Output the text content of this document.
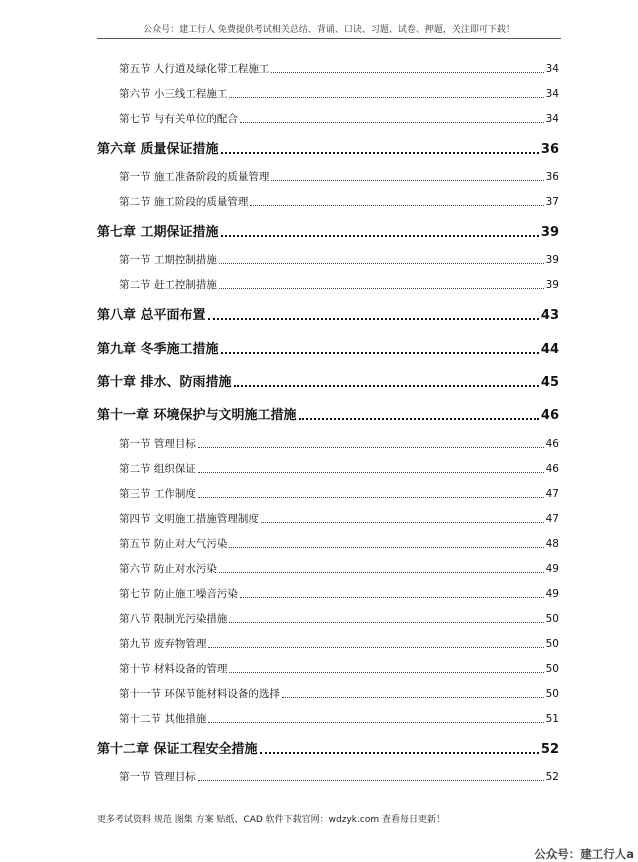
公众号：建工行人 免费提供考试相关总结、背诵、口诀、习题、试卷、押题，关注即可下载！
第五节 人行道及绿化带工程施工	34
第六节 小三线工程施工	34
第七节 与有关单位的配合	34
第六章 质量保证措施	36
第一节 施工准备阶段的质量管理	36
第二节 施工阶段的质量管理	37
第七章 工期保证措施	39
第一节 工期控制措施	39
第二节 赶工控制措施	39
第八章 总平面布置	43
第九章 冬季施工措施	44
第十章 排水、防雨措施	45
第十一章 环境保护与文明施工措施	46
第一节 管理目标	46
第二节 组织保证	46
第三节 工作制度	47
第四节 文明施工措施管理制度	47
第五节 防止对大气污染	48
第六节 防止对水污染	49
第七节 防止施工噪音污染	49
第八节 限制光污染措施	50
第九节 废弃物管理	50
第十节 材料设备的管理	50
第十一节 环保节能材料设备的选择	50
第十二节 其他措施	51
第十二章 保证工程安全措施	52
第一节 管理目标	52
更多考试资料 规范 图集 方案 贴纸、CAD 软件下载官网：wdzyk.com 查看每日更新！
公众号：建工行人a
